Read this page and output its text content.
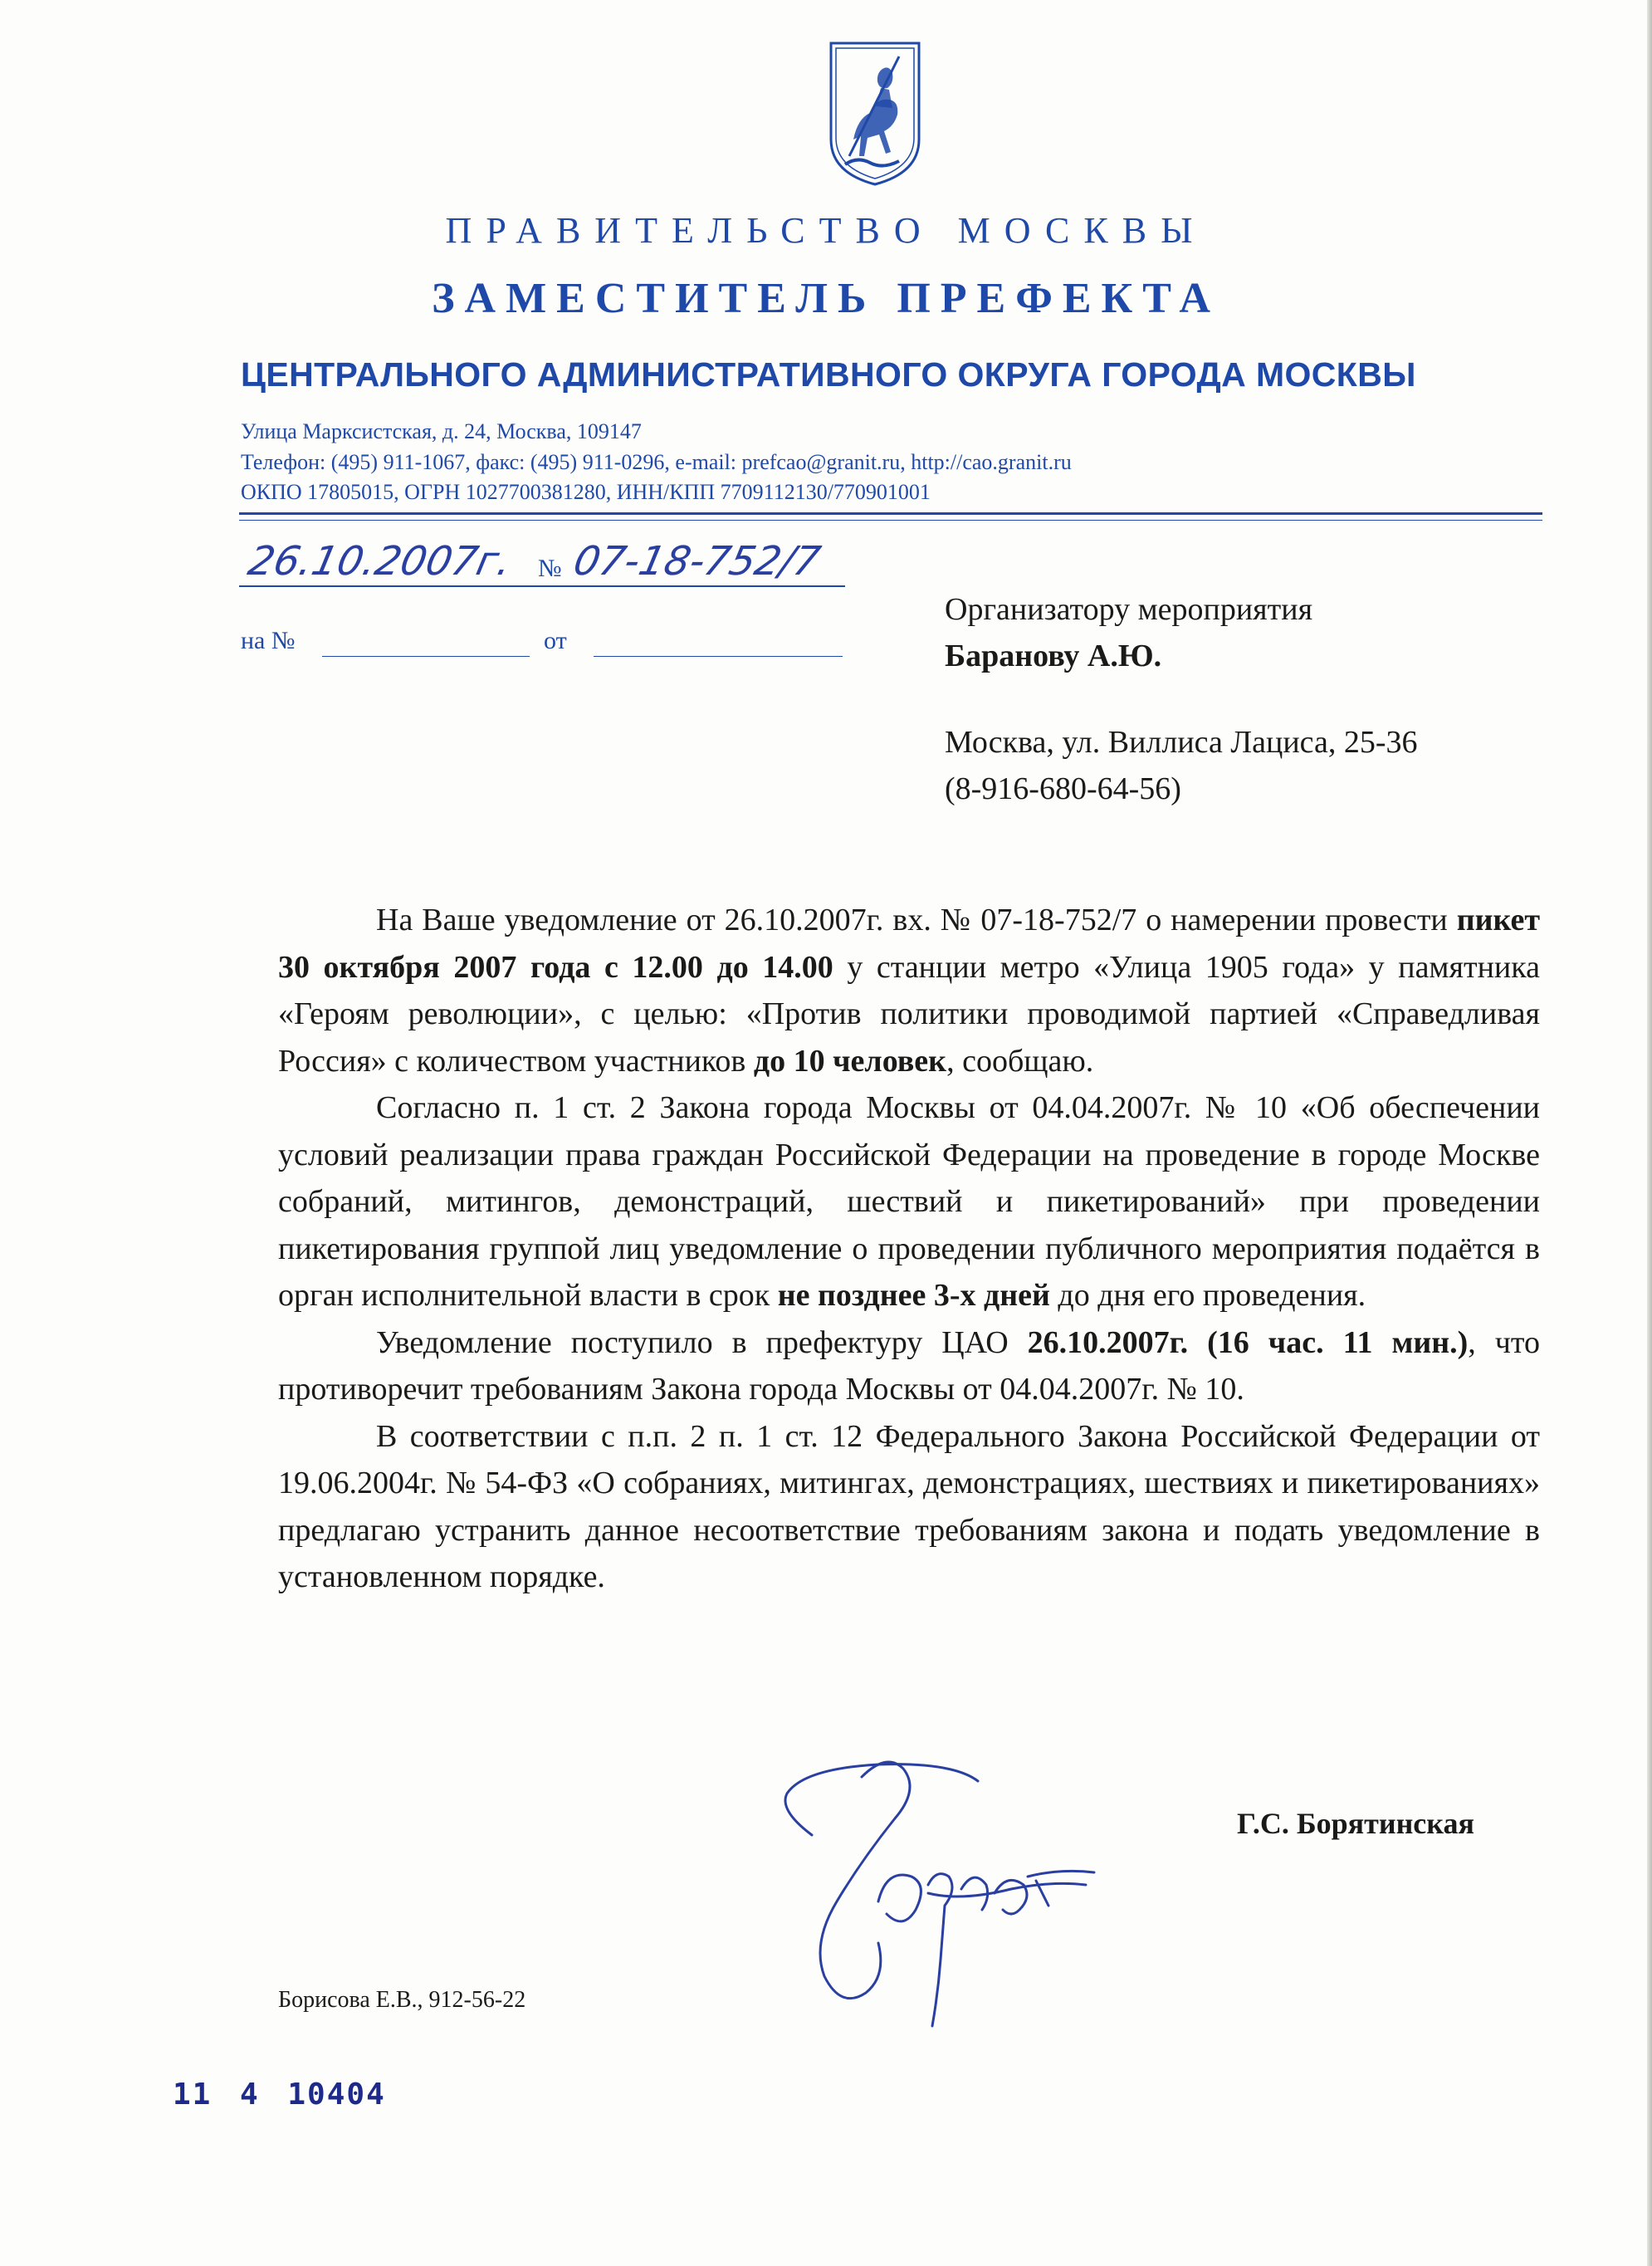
ПРАВИТЕЛЬСТВО МОСКВЫ
ЗАМЕСТИТЕЛЬ ПРЕФЕКТА
ЦЕНТРАЛЬНОГО АДМИНИСТРАТИВНОГО ОКРУГА ГОРОДА МОСКВЫ
Улица Марксистская, д. 24, Москва, 109147
Телефон: (495) 911-1067, факс: (495) 911-0296, e-mail: prefcao@granit.ru, http://cao.granit.ru
ОКПО 17805015, ОГРН 1027700381280, ИНН/КПП 7709112130/770901001
26.10.2007г. № 07-18-752/7
на №	от
Организатору мероприятия
Баранову А.Ю.
Москва, ул. Виллиса Лациса, 25-36
(8-916-680-64-56)

На Ваше уведомление от 26.10.2007г. вх. № 07-18-752/7 о намерении провести пикет 30 октября 2007 года с 12.00 до 14.00 у станции метро «Улица 1905 года» у памятника «Героям революции», с целью: «Против политики проводимой партией «Справедливая Россия» с количеством участников до 10 человек, сообщаю.

Согласно п. 1 ст. 2 Закона города Москвы от 04.04.2007г. № 10 «Об обеспечении условий реализации права граждан Российской Федерации на проведение в городе Москве собраний, митингов, демонстраций, шествий и пикетирований» при проведении пикетирования группой лиц уведомление о проведении публичного мероприятия подаётся в орган исполнительной власти в срок не позднее 3-х дней до дня его проведения.

Уведомление поступило в префектуру ЦАО 26.10.2007г. (16 час. 11 мин.), что противоречит требованиям Закона города Москвы от 04.04.2007г. № 10.

В соответствии с п.п. 2 п. 1 ст. 12 Федерального Закона Российской Федерации от 19.06.2004г. № 54-ФЗ «О собраниях, митингах, демонстрациях, шествиях и пикетированиях» предлагаю устранить данное несоответствие требованиям закона и подать уведомление в установленном порядке.

Г.С. Борятинская
Борисова Е.В., 912-56-22
11 4 10404
